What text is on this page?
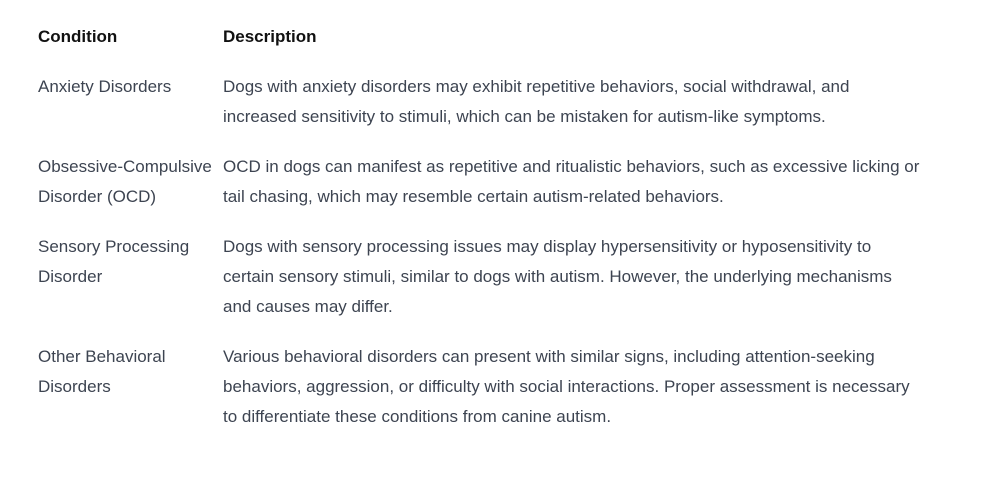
Condition	Description
Anxiety Disorders	Dogs with anxiety disorders may exhibit repetitive behaviors, social withdrawal, and increased sensitivity to stimuli, which can be mistaken for autism-like symptoms.
Obsessive-Compulsive Disorder (OCD)
OCD in dogs can manifest as repetitive and ritualistic behaviors, such as excessive licking or tail chasing, which may resemble certain autism-related behaviors.
Sensory Processing Disorder
Dogs with sensory processing issues may display hypersensitivity or hyposensitivity to certain sensory stimuli, similar to dogs with autism. However, the underlying mechanisms and causes may differ.
Other Behavioral Disorders
Various behavioral disorders can present with similar signs, including attention-seeking behaviors, aggression, or difficulty with social interactions. Proper assessment is necessary to differentiate these conditions from canine autism.
